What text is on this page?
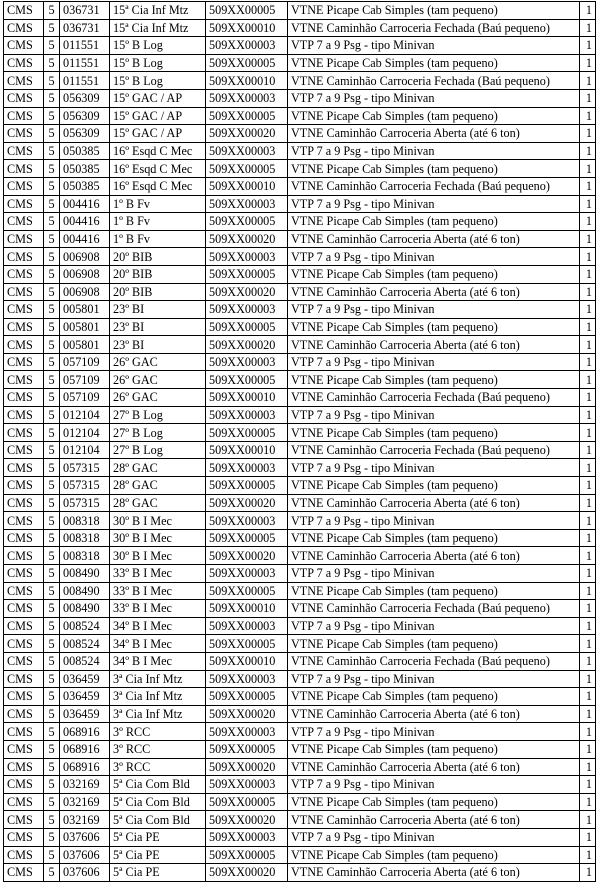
CMS	5	036731	15ª Cia Inf Mtz	509XX00005	VTNE Picape Cab Simples (tam pequeno)	1
CMS	5	036731	15ª Cia Inf Mtz	509XX00010	VTNE Caminhão Carroceria Fechada (Baú pequeno)	1
CMS	5	011551	15º B Log	509XX00003	VTP 7 a 9 Psg - tipo Minivan	1
CMS	5	011551	15º B Log	509XX00005	VTNE Picape Cab Simples (tam pequeno)	1
CMS	5	011551	15º B Log	509XX00010	VTNE Caminhão Carroceria Fechada (Baú pequeno)	1
CMS	5	056309	15º GAC / AP	509XX00003	VTP 7 a 9 Psg - tipo Minivan	1
CMS	5	056309	15º GAC / AP	509XX00005	VTNE Picape Cab Simples (tam pequeno)	1
CMS	5	056309	15º GAC / AP	509XX00020	VTNE Caminhão Carroceria Aberta (até 6 ton)	1
CMS	5	050385	16º Esqd C Mec	509XX00003	VTP 7 a 9 Psg - tipo Minivan	1
CMS	5	050385	16º Esqd C Mec	509XX00005	VTNE Picape Cab Simples (tam pequeno)	1
CMS	5	050385	16º Esqd C Mec	509XX00010	VTNE Caminhão Carroceria Fechada (Baú pequeno)	1
CMS	5	004416	1º B Fv	509XX00003	VTP 7 a 9 Psg - tipo Minivan	1
CMS	5	004416	1º B Fv	509XX00005	VTNE Picape Cab Simples (tam pequeno)	1
CMS	5	004416	1º B Fv	509XX00020	VTNE Caminhão Carroceria Aberta (até 6 ton)	1
CMS	5	006908	20º BIB	509XX00003	VTP 7 a 9 Psg - tipo Minivan	1
CMS	5	006908	20º BIB	509XX00005	VTNE Picape Cab Simples (tam pequeno)	1
CMS	5	006908	20º BIB	509XX00020	VTNE Caminhão Carroceria Aberta (até 6 ton)	1
CMS	5	005801	23º BI	509XX00003	VTP 7 a 9 Psg - tipo Minivan	1
CMS	5	005801	23º BI	509XX00005	VTNE Picape Cab Simples (tam pequeno)	1
CMS	5	005801	23º BI	509XX00020	VTNE Caminhão Carroceria Aberta (até 6 ton)	1
CMS	5	057109	26º GAC	509XX00003	VTP 7 a 9 Psg - tipo Minivan	1
CMS	5	057109	26º GAC	509XX00005	VTNE Picape Cab Simples (tam pequeno)	1
CMS	5	057109	26º GAC	509XX00010	VTNE Caminhão Carroceria Fechada (Baú pequeno)	1
CMS	5	012104	27º B Log	509XX00003	VTP 7 a 9 Psg - tipo Minivan	1
CMS	5	012104	27º B Log	509XX00005	VTNE Picape Cab Simples (tam pequeno)	1
CMS	5	012104	27º B Log	509XX00010	VTNE Caminhão Carroceria Fechada (Baú pequeno)	1
CMS	5	057315	28º GAC	509XX00003	VTP 7 a 9 Psg - tipo Minivan	1
CMS	5	057315	28º GAC	509XX00005	VTNE Picape Cab Simples (tam pequeno)	1
CMS	5	057315	28º GAC	509XX00020	VTNE Caminhão Carroceria Aberta (até 6 ton)	1
CMS	5	008318	30º B I Mec	509XX00003	VTP 7 a 9 Psg - tipo Minivan	1
CMS	5	008318	30º B I Mec	509XX00005	VTNE Picape Cab Simples (tam pequeno)	1
CMS	5	008318	30º B I Mec	509XX00020	VTNE Caminhão Carroceria Aberta (até 6 ton)	1
CMS	5	008490	33º B I Mec	509XX00003	VTP 7 a 9 Psg - tipo Minivan	1
CMS	5	008490	33º B I Mec	509XX00005	VTNE Picape Cab Simples (tam pequeno)	1
CMS	5	008490	33º B I Mec	509XX00010	VTNE Caminhão Carroceria Fechada (Baú pequeno)	1
CMS	5	008524	34º B I Mec	509XX00003	VTP 7 a 9 Psg - tipo Minivan	1
CMS	5	008524	34º B I Mec	509XX00005	VTNE Picape Cab Simples (tam pequeno)	1
CMS	5	008524	34º B I Mec	509XX00010	VTNE Caminhão Carroceria Fechada (Baú pequeno)	1
CMS	5	036459	3ª Cia Inf Mtz	509XX00003	VTP 7 a 9 Psg - tipo Minivan	1
CMS	5	036459	3ª Cia Inf Mtz	509XX00005	VTNE Picape Cab Simples (tam pequeno)	1
CMS	5	036459	3ª Cia Inf Mtz	509XX00020	VTNE Caminhão Carroceria Aberta (até 6 ton)	1
CMS	5	068916	3º RCC	509XX00003	VTP 7 a 9 Psg - tipo Minivan	1
CMS	5	068916	3º RCC	509XX00005	VTNE Picape Cab Simples (tam pequeno)	1
CMS	5	068916	3º RCC	509XX00020	VTNE Caminhão Carroceria Aberta (até 6 ton)	1
CMS	5	032169	5ª Cia Com Bld	509XX00003	VTP 7 a 9 Psg - tipo Minivan	1
CMS	5	032169	5ª Cia Com Bld	509XX00005	VTNE Picape Cab Simples (tam pequeno)	1
CMS	5	032169	5ª Cia Com Bld	509XX00020	VTNE Caminhão Carroceria Aberta (até 6 ton)	1
CMS	5	037606	5ª Cia PE	509XX00003	VTP 7 a 9 Psg - tipo Minivan	1
CMS	5	037606	5ª Cia PE	509XX00005	VTNE Picape Cab Simples (tam pequeno)	1
CMS	5	037606	5ª Cia PE	509XX00020	VTNE Caminhão Carroceria Aberta (até 6 ton)	1
